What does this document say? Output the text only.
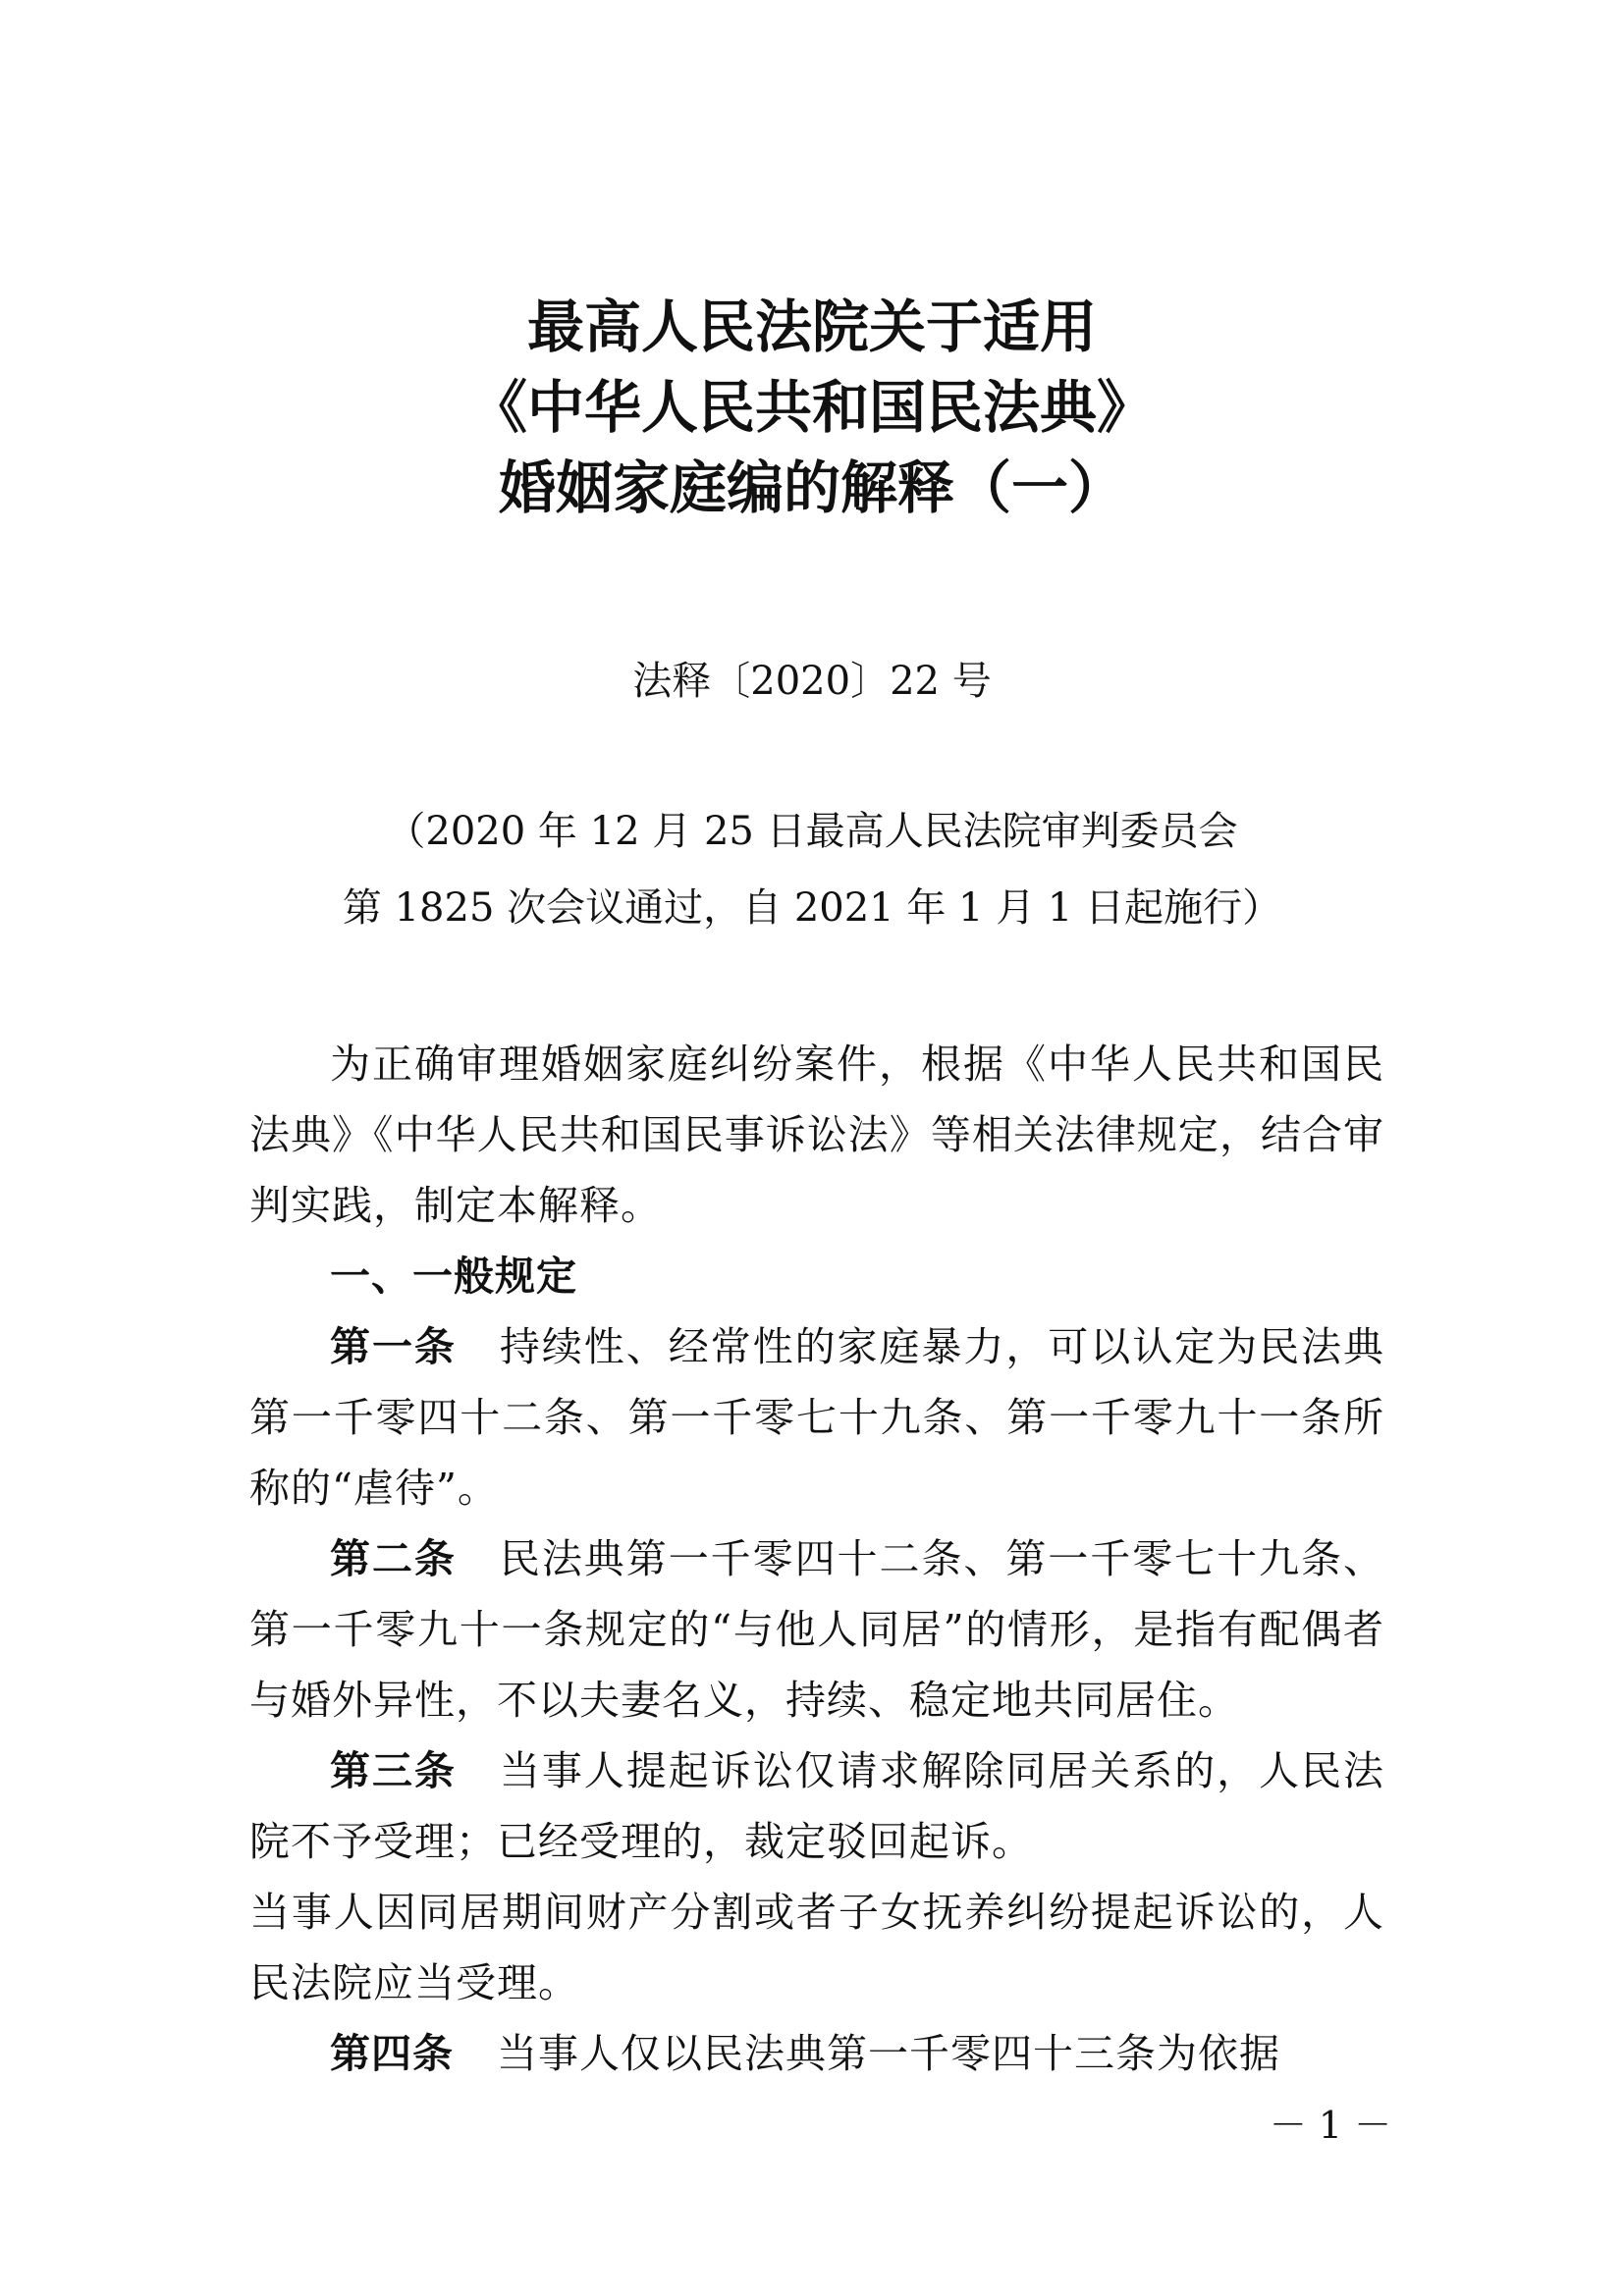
最高人民法院关于适用
《中华人民共和国民法典》
婚姻家庭编的解释（一）
法释〔2020〕22 号
（2020 年 12 月 25 日最高人民法院审判委员会
第 1825 次会议通过，自 2021 年 1 月 1 日起施行）

为正确审理婚姻家庭纠纷案件，根据《中华人民共和国民法典》《中华人民共和国民事诉讼法》等相关法律规定，结合审判实践，制定本解释。

一、一般规定

第一条 持续性、经常性的家庭暴力，可以认定为民法典第一千零四十二条、第一千零七十九条、第一千零九十一条所称的“虐待”。

第二条 民法典第一千零四十二条、第一千零七十九条、第一千零九十一条规定的“与他人同居”的情形，是指有配偶者与婚外异性，不以夫妻名义，持续、稳定地共同居住。

第三条 当事人提起诉讼仅请求解除同居关系的，人民法院不予受理；已经受理的，裁定驳回起诉。

当事人因同居期间财产分割或者子女抚养纠纷提起诉讼的，人民法院应当受理。

第四条 当事人仅以民法典第一千零四十三条为依据

－ 1 －
